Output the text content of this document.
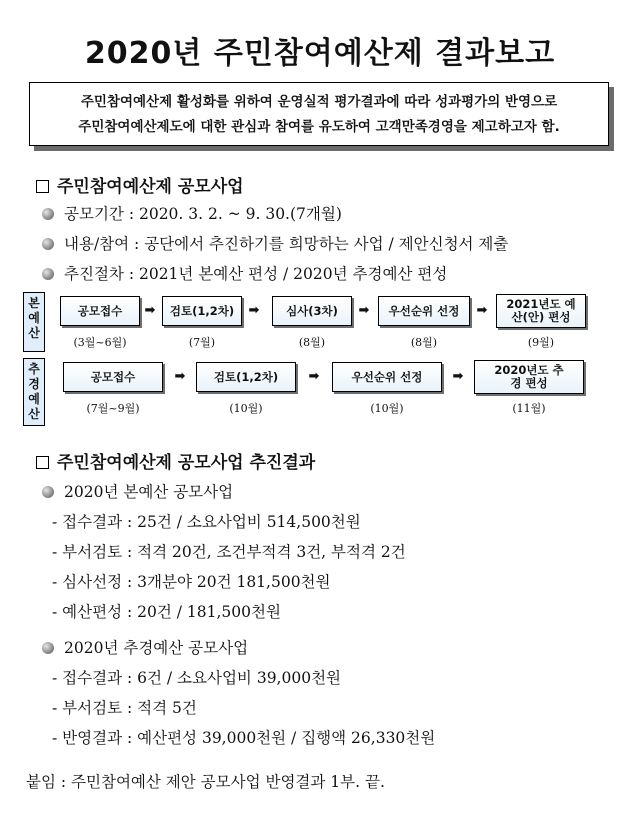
2020년 주민참여예산제 결과보고
주민참여예산제 활성화를 위하여 운영실적 평가결과에 따라 성과평가의 반영으로
주민참여예산제도에 대한 관심과 참여를 유도하여 고객만족경영을 제고하고자 함.
주민참여예산제 공모사업
공모기간 : 2020. 3. 2. ~ 9. 30.(7개월)
내용/참여 : 공단에서 추진하기를 희망하는 사업 / 제안신청서 제출
추진절차 : 2021년 본예산 편성 / 2020년 추경예산 편성
본예산
공모접수	➡	검토(1,2차)	➡	심사(3차)	➡	우선순위 선정	➡	2021년도 예산(안) 편성
(3월~6월)	(7월)	(8월)	(8월)	(9월)
추경예산
공모접수	➡	검토(1,2차)	➡	우선순위 선정	➡	2020년도 추경 편성
(7월~9월)	(10월)	(10월)	(11월)
주민참여예산제 공모사업 추진결과
2020년 본예산 공모사업
- 접수결과 : 25건 / 소요사업비 514,500천원
- 부서검토 : 적격 20건, 조건부적격 3건, 부적격 2건
- 심사선정 : 3개분야 20건 181,500천원
- 예산편성 : 20건 / 181,500천원
2020년 추경예산 공모사업
- 접수결과 : 6건 / 소요사업비 39,000천원
- 부서검토 : 적격 5건
- 반영결과 : 예산편성 39,000천원 / 집행액 26,330천원
붙임 : 주민참여예산 제안 공모사업 반영결과 1부. 끝.
